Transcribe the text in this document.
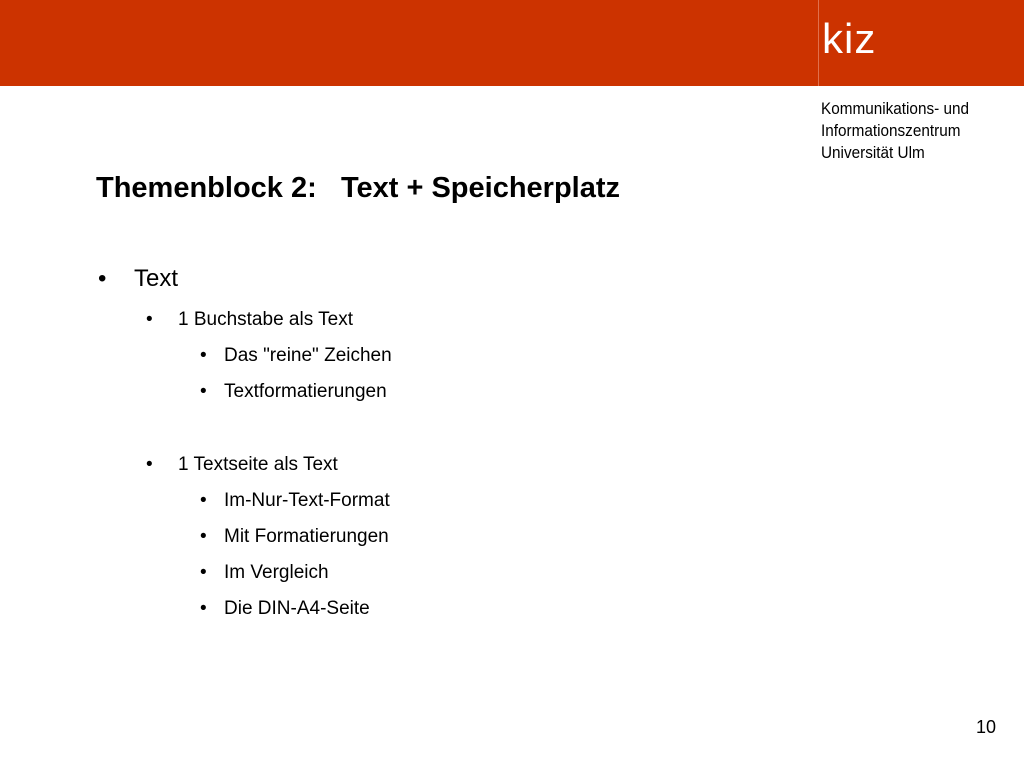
kiz
Kommunikations- und
Informationszentrum
Universität Ulm
Themenblock 2:   Text + Speicherplatz
• Text
• 1 Buchstabe als Text
• Das "reine" Zeichen
• Textformatierungen
• 1 Textseite als Text
• Im-Nur-Text-Format
• Mit Formatierungen
• Im Vergleich
• Die DIN-A4-Seite
10
